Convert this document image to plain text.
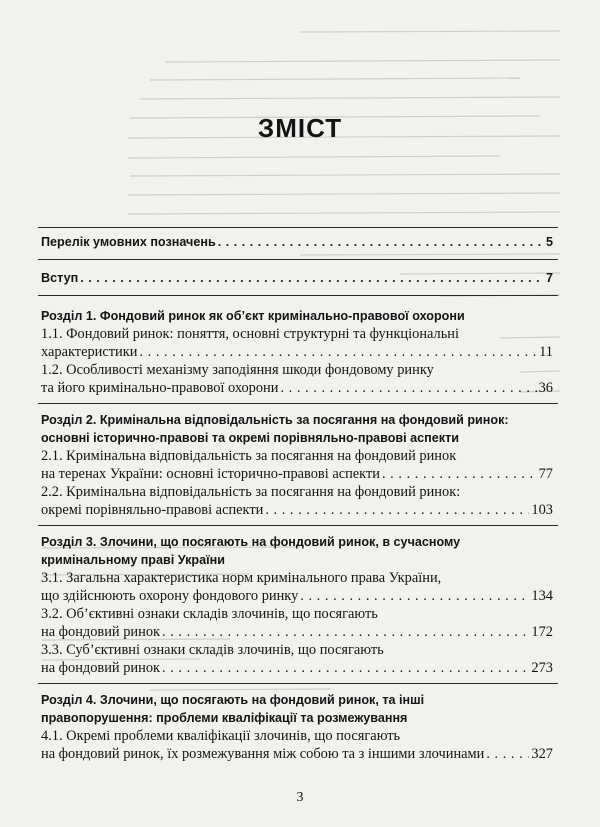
ЗМІСТ
Перелік умовних позначень . . .	5
Вступ . . .	7
Розділ 1. Фондовий ринок як об’єкт кримінально-правової охорони
1.1. Фондовий ринок: поняття, основні структурні та функціональні
характеристики . . .	11
1.2. Особливості механізму заподіяння шкоди фондовому ринку
та його кримінально-правової охорони . . .	36
Розділ 2. Кримінальна відповідальність за посягання на фондовий ринок:
основні історично-правові та окремі порівняльно-правові аспекти
2.1. Кримінальна відповідальність за посягання на фондовий ринок
на теренах України: основні історично-правові аспекти . . .	77
2.2. Кримінальна відповідальність за посягання на фондовий ринок:
окремі порівняльно-правові аспекти . . .	103
Розділ 3. Злочини, що посягають на фондовий ринок, в сучасному
кримінальному праві України
3.1. Загальна характеристика норм кримінального права України,
що здійснюють охорону фондового ринку . . .	134
3.2. Об’єктивні ознаки складів злочинів, що посягають
на фондовий ринок . . .	172
3.3. Суб’єктивні ознаки складів злочинів, що посягають
на фондовий ринок . . .	273
Розділ 4. Злочини, що посягають на фондовий ринок, та інші
правопорушення: проблеми кваліфікації та розмежування
4.1. Окремі проблеми кваліфікації злочинів, що посягають
на фондовий ринок, їх розмежування між собою та з іншими злочинами . . .	327
3
